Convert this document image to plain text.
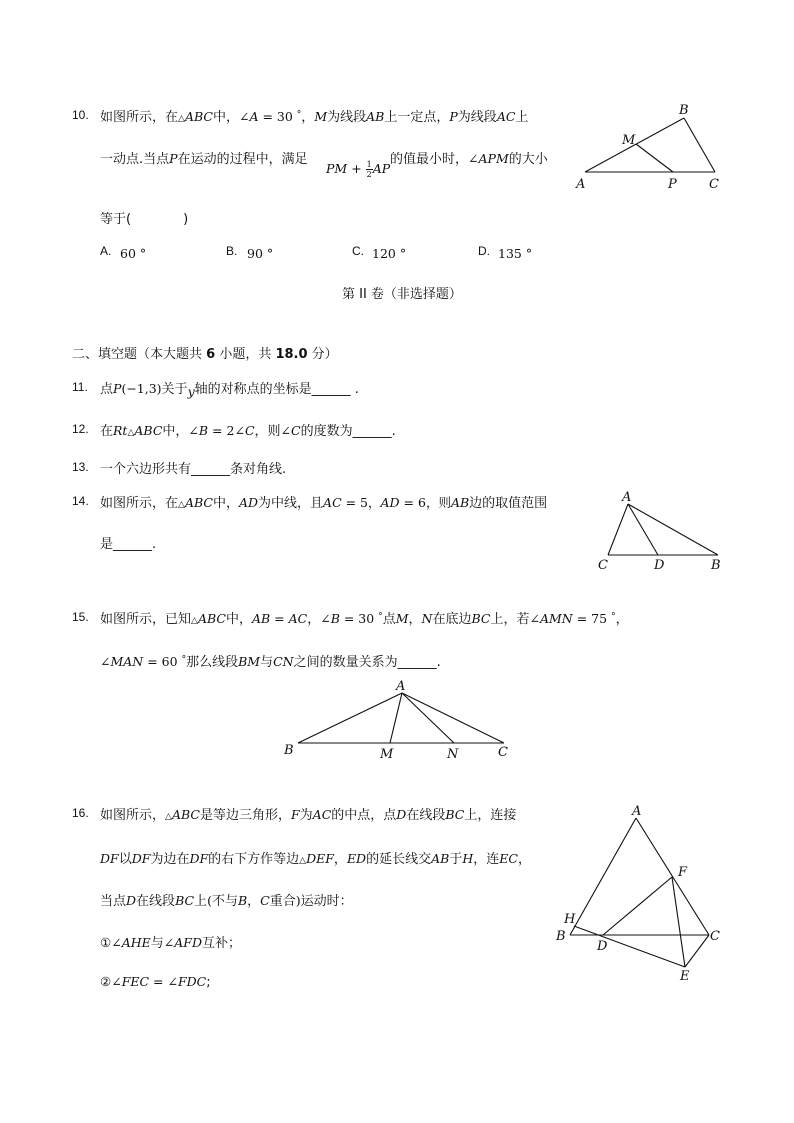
10. 如图所示，在△ABC中，∠A = 30 °，M为线段AB上一定点，P为线段AC上
一动点.当点P在运动的过程中，满足
PM + $\frac{1}{2}$ AP
的值最小时，∠APM的大小
等于(　　　　)
A. 60 °	B. 90 °	C. 120 °	D. 135 °
B
M
A	P C
第 II 卷（非选择题）
二、填空题（本大题共 6 小题，共 18.0 分）
11. 点P(−1,3)关于y轴的对称点的坐标是______ .
12. 在Rt△ABC中，∠B = 2∠C，则∠C的度数为______.
13. 一个六边形共有______条对角线.
14. 如图所示，在△ABC中，AD为中线，且AC = 5，AD = 6，则AB边的取值范围
是______.
A
C	D	B
15. 如图所示，已知△ABC中，AB = AC，∠B = 30 °点M，N在底边BC上，若∠AMN = 75 °，
∠MAN = 60 °那么线段BM与CN之间的数量关系为______.
A
B	M	N	C
16. 如图所示，△ABC是等边三角形，F为AC的中点，点D在线段BC上，连接
DF以DF为边在DF的右下方作等边△DEF，ED的延长线交AB于H，连EC，
当点D在线段BC上(不与B，C重合)运动时：
①∠AHE与∠AFD互补；
②∠FEC = ∠FDC;
A
F
H
B
D
C
E
